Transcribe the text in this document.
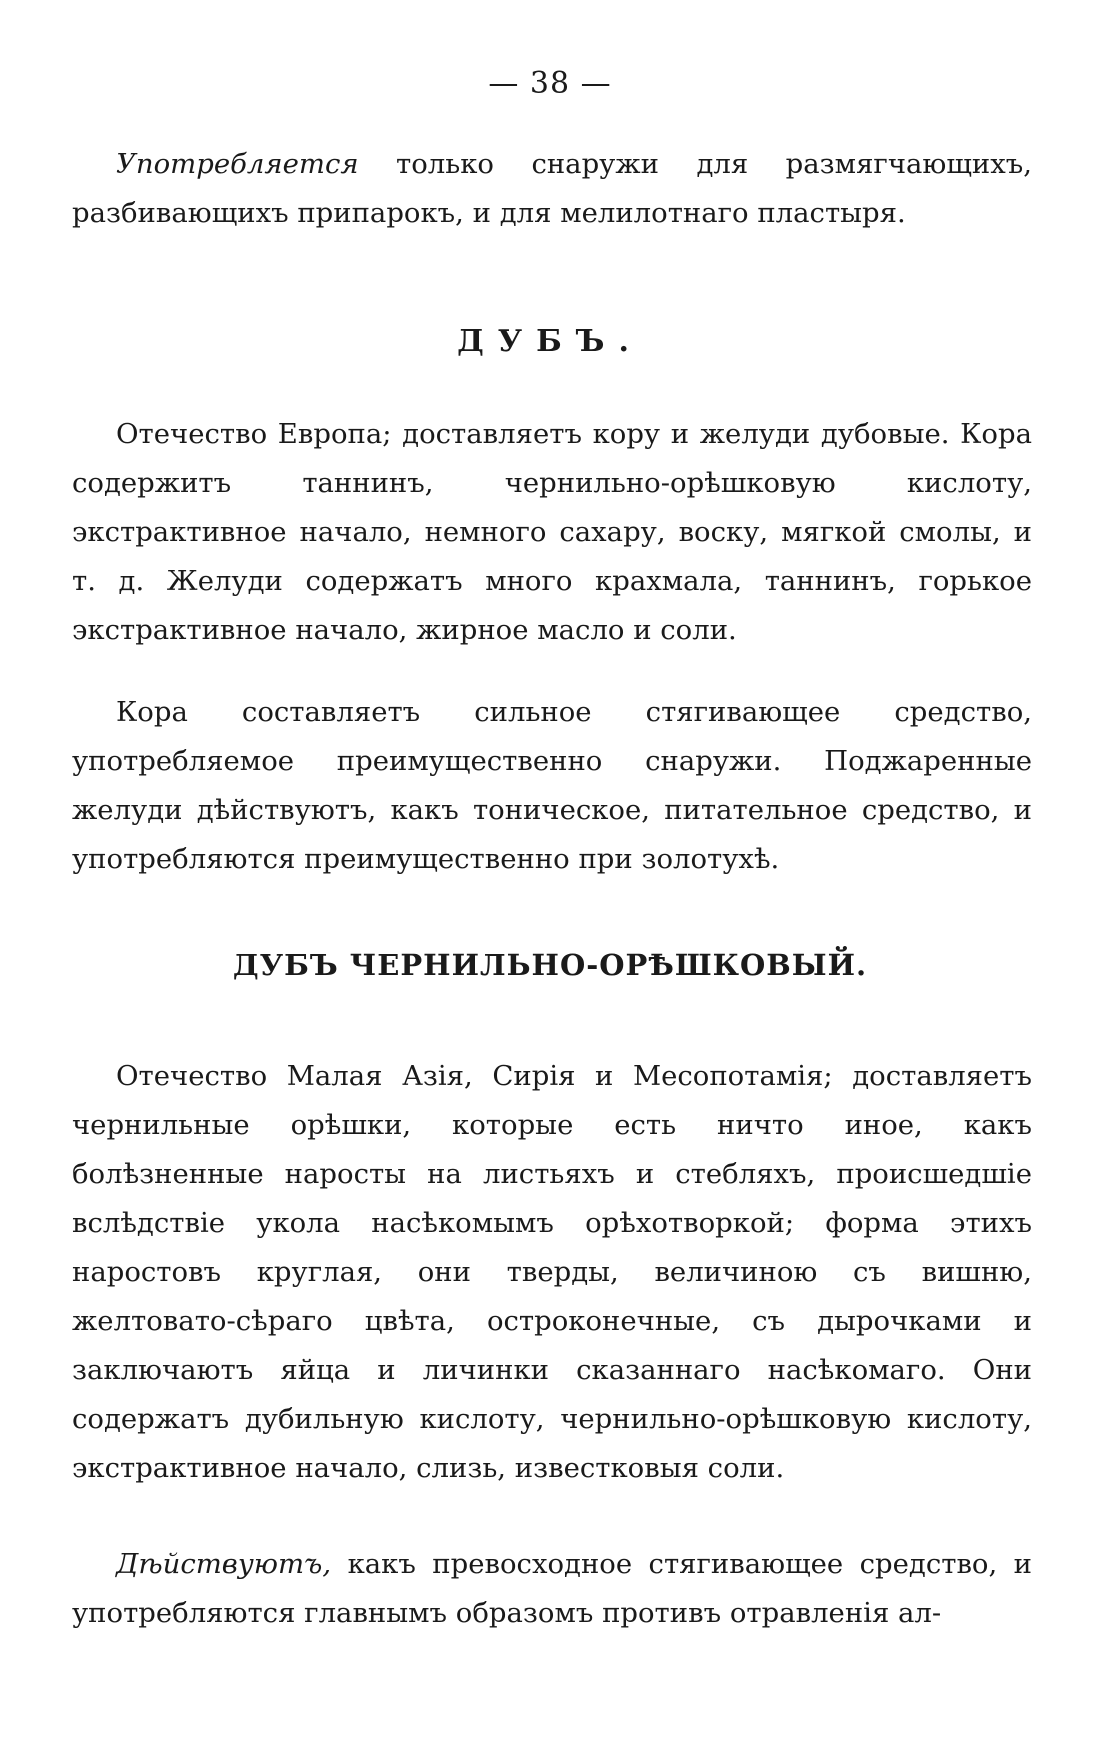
— 38 —

Употребляется только снаружи для размягчающихъ, разбивающихъ припарокъ, и для мелилотнаго пластыря.

ДУБЪ.

Отечество Европа; доставляетъ кору и желуди дубовые. Кора содержитъ таннинъ, чернильно-орѣшковую кислоту, экстрактивное начало, немного сахару, воску, мягкой смолы, и т. д. Желуди содержатъ много крахмала, таннинъ, горькое экстрактивное начало, жирное масло и соли.

Кора составляетъ сильное стягивающее средство, употребляемое преимущественно снаружи. Поджаренные желуди дѣйствуютъ, какъ тоническое, питательное средство, и употребляются преимущественно при золотухѣ.

ДУБЪ ЧЕРНИЛЬНО-ОРѢШКОВЫЙ.

Отечество Малая Азія, Сирія и Месопотамія; доставляетъ чернильные орѣшки, которые есть ничто иное, какъ болѣзненные наросты на листьяхъ и стебляхъ, происшедшіе вслѣдствіе укола насѣкомымъ орѣхотворкой; форма этихъ наростовъ круглая, они тверды, величиною съ вишню, желтовато-сѣраго цвѣта, остроконечные, съ дырочками и заключаютъ яйца и личинки сказаннаго насѣкомаго. Они содержатъ дубильную кислоту, чернильно-орѣшковую кислоту, экстрактивное начало, слизь, известковыя соли.

Дѣйствуютъ, какъ превосходное стягивающее средство, и употребляются главнымъ образомъ противъ отравленія ал-
